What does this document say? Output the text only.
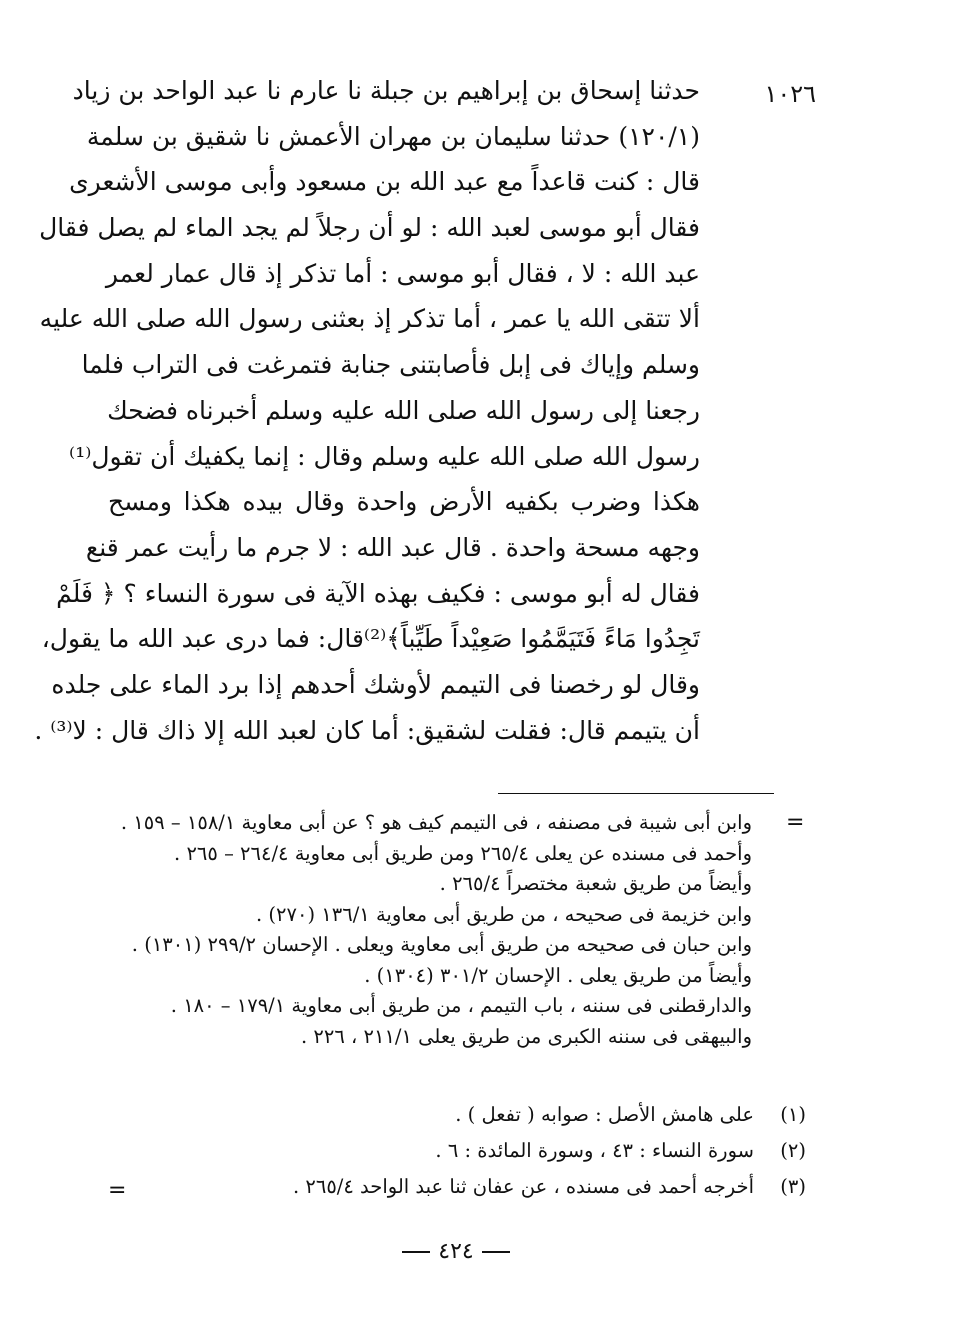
١٠٢٦
حدثنا إسحاق بن إبراهيم بن جبلة نا عارم نا عبد الواحد بن زياد
(١٢٠/١) حدثنا سليمان بن مهران الأعمش نا شقيق بن سلمة
قال : كنت قاعداً مع عبد الله بن مسعود وأبى موسى الأشعرى
فقال أبو موسى لعبد الله : لو أن رجلاً لم يجد الماء لم يصل فقال
عبد الله : لا ، فقال أبو موسى : أما تذكر إذ قال عمار لعمر
ألا تتقى الله يا عمر ، أما تذكر إذ بعثنى رسول الله صلى الله عليه
وسلم وإياك فى إبل فأصابتنى جنابة فتمرغت فى التراب فلما
رجعنا إلى رسول الله صلى الله عليه وسلم أخبرناه فضحك
رسول الله صلى الله عليه وسلم وقال : إنما يكفيك أن تقول⁽¹⁾
هكذا وضرب بكفيه الأرض واحدة وقال بيده هكذا ومسح
وجهه مسحة واحدة . قال عبد الله : لا جرم ما رأيت عمر قنع
فقال له أبو موسى : فكيف بهذه الآية فى سورة النساء ؟ ﴿ فَلَمْ
تَجِدُوا مَاءً فَتَيَمَّمُوا صَعِيْداً طَيِّباً﴾⁽²⁾قال: فما درى عبد الله ما يقول،
وقال لو رخصنا فى التيمم لأوشك أحدهم إذا برد الماء على جلده
أن يتيمم قال: فقلت لشقيق: أما كان لعبد الله إلا ذاك قال : لا⁽³⁾ .
=
وابن أبى شيبة فى مصنفه ، فى التيمم كيف هو ؟ عن أبى معاوية ١٥٨/١ – ١٥٩ .
وأحمد فى مسنده عن يعلى ٢٦٥/٤ ومن طريق أبى معاوية ٢٦٤/٤ – ٢٦٥ .
وأيضاً من طريق شعبة مختصراً ٢٦٥/٤ .
وابن خزيمة فى صحيحه ، من طريق أبى معاوية ١٣٦/١ (٢٧٠) .
وابن حبان فى صحيحه من طريق أبى معاوية ويعلى . الإحسان ٢٩٩/٢ (١٣٠١) .
وأيضاً من طريق يعلى . الإحسان ٣٠١/٢ (١٣٠٤) .
والدارقطنى فى سننه ، باب التيمم ، من طريق أبى معاوية ١٧٩/١ – ١٨٠ .
والبيهقى فى سننه الكبرى من طريق يعلى ٢١١/١ ، ٢٢٦ .
(١)
على هامش الأصل : صوابه ( تفعل ) .
(٢)
سورة النساء : ٤٣ ، وسورة المائدة : ٦ .
(٣)
أخرجه أحمد فى مسنده ، عن عفان ثنا عبد الواحد ٢٦٥/٤ .
=
٤٢٤
